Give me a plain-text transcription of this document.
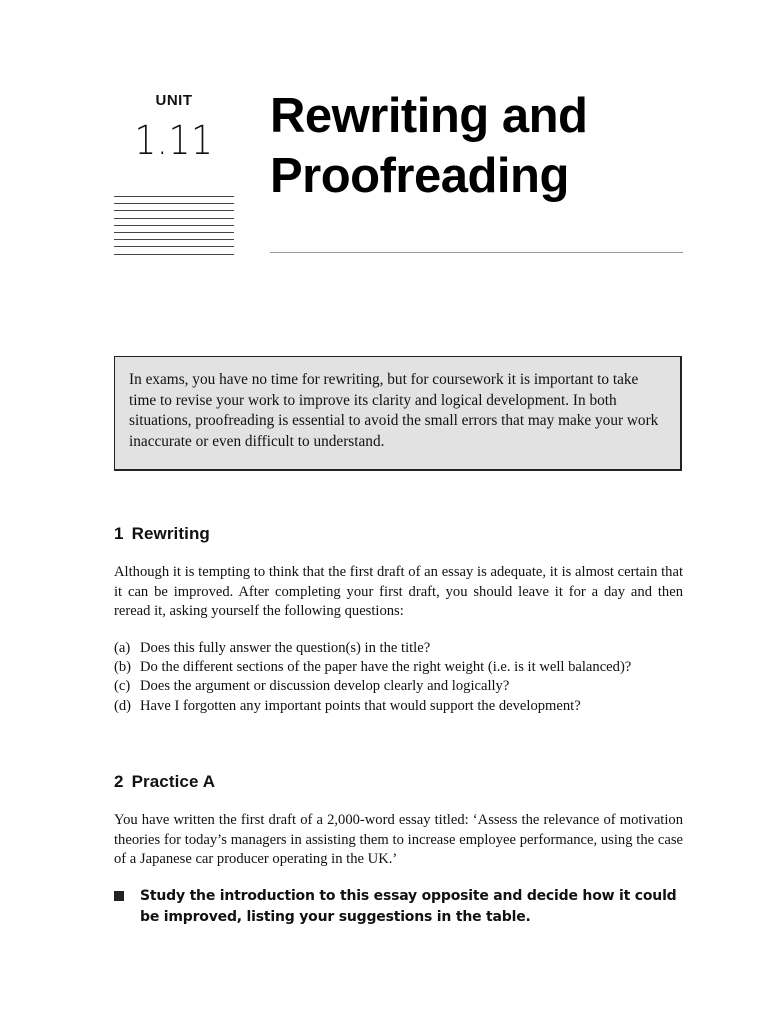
UNIT
1.11 Rewriting and
Proofreading

In exams, you have no time for rewriting, but for coursework it is important to take time to revise your work to improve its clarity and logical development. In both situations, proofreading is essential to avoid the small errors that may make your work inaccurate or even difficult to understand.

1 Rewriting

Although it is tempting to think that the first draft of an essay is adequate, it is almost certain that it can be improved. After completing your first draft, you should leave it for a day and then reread it, asking yourself the following questions:

(a) Does this fully answer the question(s) in the title?
(b) Do the different sections of the paper have the right weight (i.e. is it well balanced)?
(c) Does the argument or discussion develop clearly and logically?
(d) Have I forgotten any important points that would support the development?
2 Practice A

You have written the first draft of a 2,000-word essay titled: ‘Assess the relevance of motivation theories for today’s managers in assisting them to increase employee performance, using the case of a Japanese car producer operating in the UK.’

Study the introduction to this essay opposite and decide how it could be improved, listing your suggestions in the table.
